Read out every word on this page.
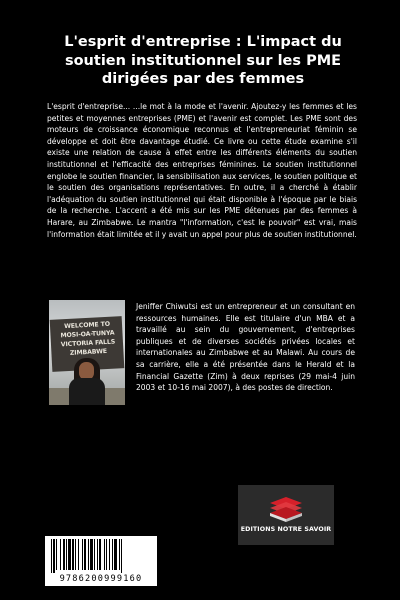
L'esprit d'entreprise : L'impact du soutien institutionnel sur les PME dirigées par des femmes

L'esprit d'entreprise... ...le mot à la mode et l'avenir. Ajoutez-y les femmes et les petites et moyennes entreprises (PME) et l'avenir est complet. Les PME sont des moteurs de croissance économique reconnus et l'entrepreneuriat féminin se développe et doit être davantage étudié. Ce livre ou cette étude examine s'il existe une relation de cause à effet entre les différents éléments du soutien institutionnel et l'efficacité des entreprises féminines. Le soutien institutionnel englobe le soutien financier, la sensibilisation aux services, le soutien politique et le soutien des organisations représentatives. En outre, il a cherché à établir l'adéquation du soutien institutionnel qui était disponible à l'époque par le biais de la recherche. L'accent a été mis sur les PME détenues par des femmes à Harare, au Zimbabwe. Le mantra "l'information, c'est le pouvoir" est vrai, mais l'information était limitée et il y avait un appel pour plus de soutien institutionnel.

WELCOME TO
MOSI-OA-TUNYA
VICTORIA FALLS
ZIMBABWE

Jeniffer Chiwutsi est un entrepreneur et un consultant en ressources humaines. Elle est titulaire d'un MBA et a travaillé au sein du gouvernement, d'entreprises publiques et de diverses sociétés privées locales et internationales au Zimbabwe et au Malawi. Au cours de sa carrière, elle a été présentée dans le Herald et la Financial Gazette (Zim) à deux reprises (29 mai-4 juin 2003 et 10-16 mai 2007), à des postes de direction.

EDITIONS NOTRE SAVOIR
9786200999160
